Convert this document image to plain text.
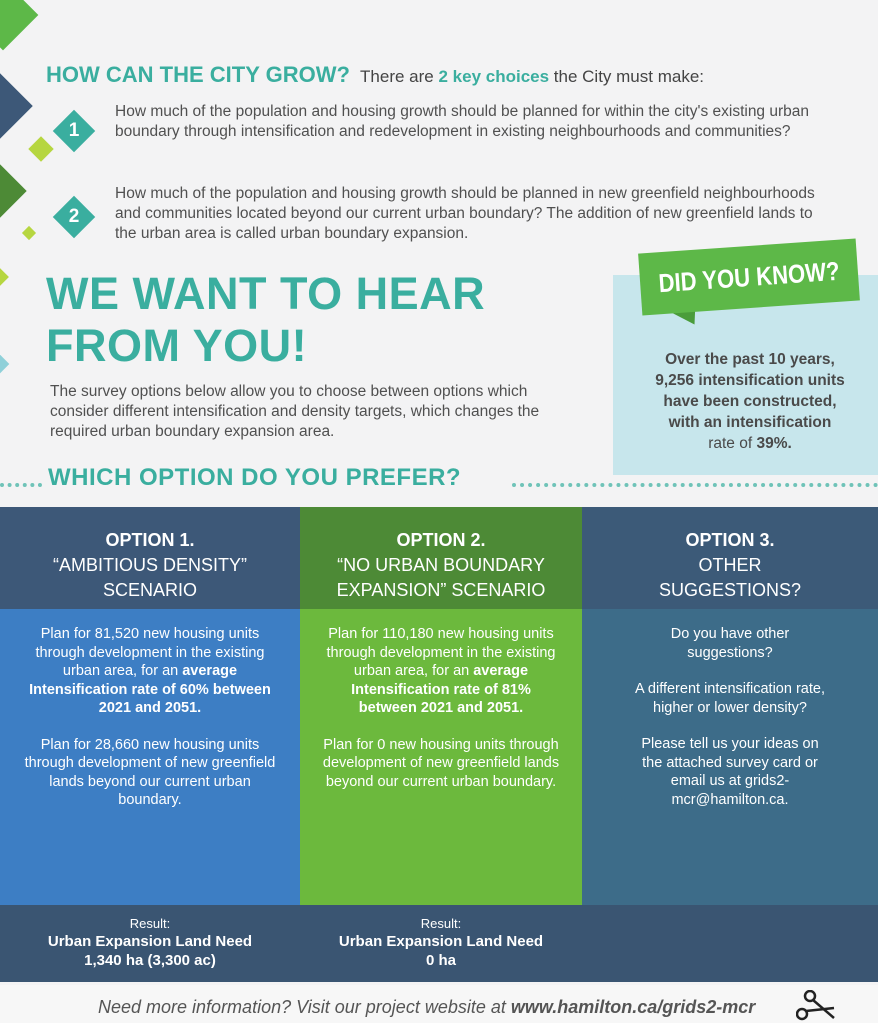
HOW CAN THE CITY GROW? There are 2 key choices the City must make:
1
How much of the population and housing growth should be planned for within the city's existing urban boundary through intensification and redevelopment in existing neighbourhoods and communities?
2
How much of the population and housing growth should be planned in new greenfield neighbourhoods and communities located beyond our current urban boundary? The addition of new greenfield lands to the urban area is called urban boundary expansion.
WE WANT TO HEAR
FROM YOU!
The survey options below allow you to choose between options which consider different intensification and density targets, which changes the required urban boundary expansion area.
DID YOU KNOW?
Over the past 10 years,
9,256 intensification units
have been constructed,
with an intensification
rate of 39%.
WHICH OPTION DO YOU PREFER?
OPTION 1.
“AMBITIOUS DENSITY”
SCENARIO

Plan for 81,520 new housing units through development in the existing urban area, for an average Intensification rate of 60% between 2021 and 2051.

Plan for 28,660 new housing units through development of new greenfield lands beyond our current urban boundary.

Result:
Urban Expansion Land Need
1,340 ha (3,300 ac)
OPTION 2.
“NO URBAN BOUNDARY
EXPANSION” SCENARIO

Plan for 110,180 new housing units through development in the existing urban area, for an average Intensification rate of 81% between 2021 and 2051.

Plan for 0 new housing units through development of new greenfield lands beyond our current urban boundary.

Result:
Urban Expansion Land Need
0 ha
OPTION 3.
OTHER
SUGGESTIONS?

Do you have other suggestions?

A different intensification rate, higher or lower density?

Please tell us your ideas on the attached survey card or email us at grids2-mcr@hamilton.ca.

Need more information? Visit our project website at www.hamilton.ca/grids2-mcr
